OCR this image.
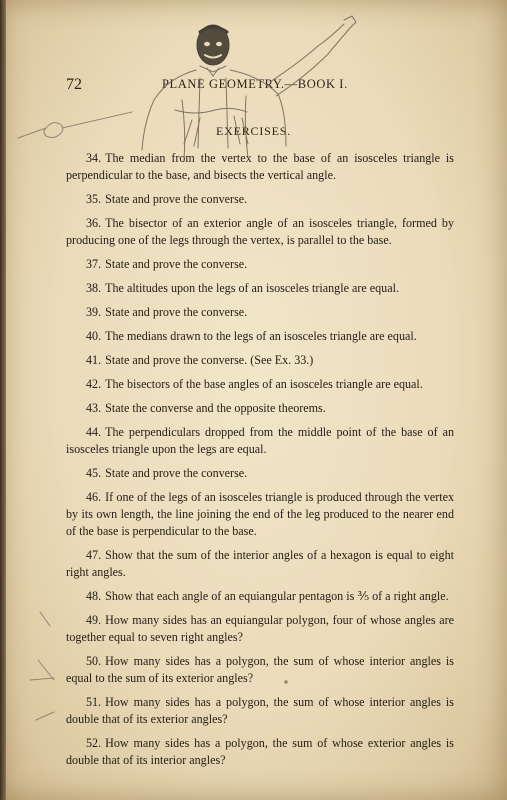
72	PLANE GEOMETRY.—BOOK I.
EXERCISES.

34. The median from the vertex to the base of an isosceles triangle is perpendicular to the base, and bisects the vertical angle.

35. State and prove the converse.

36. The bisector of an exterior angle of an isosceles triangle, formed by producing one of the legs through the vertex, is parallel to the base.

37. State and prove the converse.

38. The altitudes upon the legs of an isosceles triangle are equal.

39. State and prove the converse.

40. The medians drawn to the legs of an isosceles triangle are equal.

41. State and prove the converse. (See Ex. 33.)

42. The bisectors of the base angles of an isosceles triangle are equal.

43. State the converse and the opposite theorems.

44. The perpendiculars dropped from the middle point of the base of an isosceles triangle upon the legs are equal.

45. State and prove the converse.

46. If one of the legs of an isosceles triangle is produced through the vertex by its own length, the line joining the end of the leg produced to the nearer end of the base is perpendicular to the base.

47. Show that the sum of the interior angles of a hexagon is equal to eight right angles.

48. Show that each angle of an equiangular pentagon is ⅗ of a right angle.

49. How many sides has an equiangular polygon, four of whose angles are together equal to seven right angles?

50. How many sides has a polygon, the sum of whose interior angles is equal to the sum of its exterior angles?

51. How many sides has a polygon, the sum of whose interior angles is double that of its exterior angles?

52. How many sides has a polygon, the sum of whose exterior angles is double that of its interior angles?
